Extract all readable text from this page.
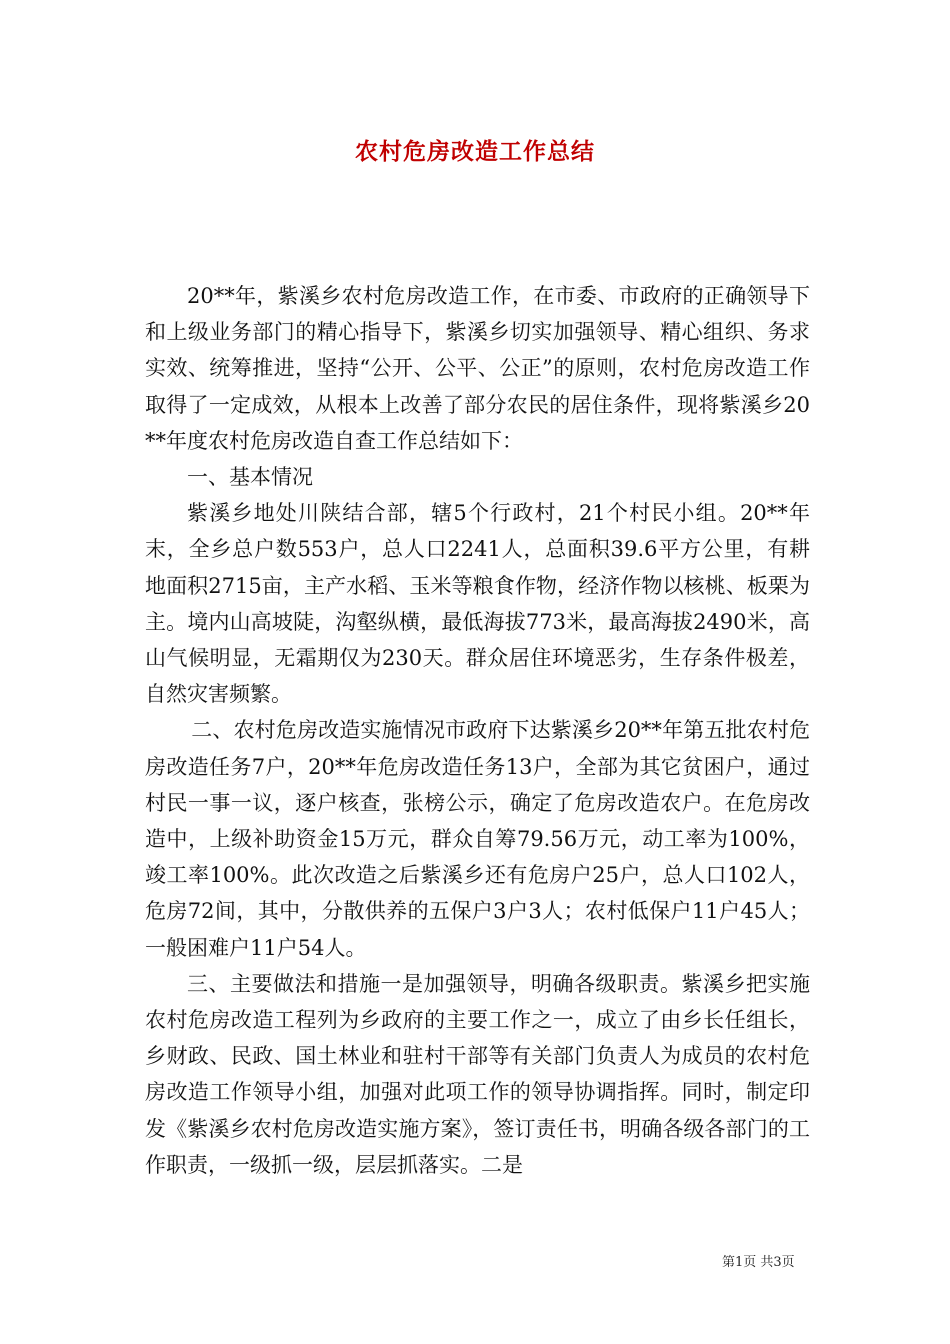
农村危房改造工作总结

20**年，紫溪乡农村危房改造工作，在市委、市政府的正确领导下和上级业务部门的精心指导下，紫溪乡切实加强领导、精心组织、务求实效、统筹推进，坚持“公开、公平、公正”的原则，农村危房改造工作取得了一定成效，从根本上改善了部分农民的居住条件，现将紫溪乡20**年度农村危房改造自查工作总结如下：

一、基本情况

紫溪乡地处川陕结合部，辖5个行政村，21个村民小组。20**年末，全乡总户数553户，总人口2241人，总面积39.6平方公里，有耕地面积2715亩，主产水稻、玉米等粮食作物，经济作物以核桃、板栗为主。境内山高坡陡，沟壑纵横，最低海拔773米，最高海拔2490米，高山气候明显，无霜期仅为230天。群众居住环境恶劣，生存条件极差，自然灾害频繁。

二、农村危房改造实施情况市政府下达紫溪乡20**年第五批农村危房改造任务7户，20**年危房改造任务13户，全部为其它贫困户，通过村民一事一议，逐户核查，张榜公示，确定了危房改造农户。在危房改造中，上级补助资金15万元，群众自筹79.56万元，动工率为100%，竣工率100%。此次改造之后紫溪乡还有危房户25户，总人口102人，危房72间，其中，分散供养的五保户3户3人；农村低保户11户45人；一般困难户11户54人。

三、主要做法和措施一是加强领导，明确各级职责。紫溪乡把实施农村危房改造工程列为乡政府的主要工作之一，成立了由乡长任组长，乡财政、民政、国土林业和驻村干部等有关部门负责人为成员的农村危房改造工作领导小组，加强对此项工作的领导协调指挥。同时，制定印发《紫溪乡农村危房改造实施方案》，签订责任书，明确各级各部门的工作职责，一级抓一级，层层抓落实。二是

第1页 共3页
